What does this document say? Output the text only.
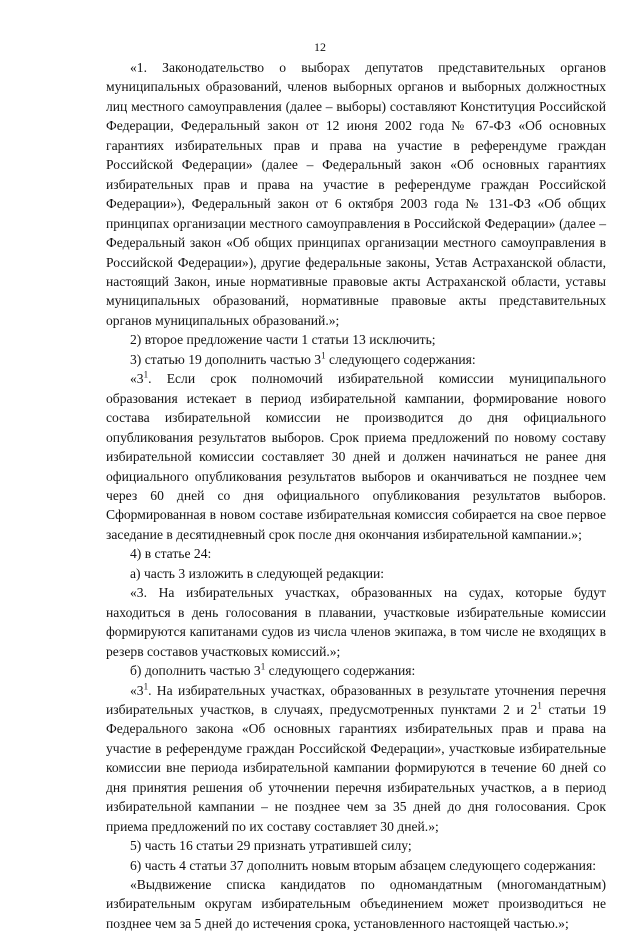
12

«1. Законодательство о выборах депутатов представительных органов муниципальных образований, членов выборных органов и выборных должностных лиц местного самоуправления (далее – выборы) составляют Конституция Российской Федерации, Федеральный закон от 12 июня 2002 года № 67-ФЗ «Об основных гарантиях избирательных прав и права на участие в референдуме граждан Российской Федерации» (далее – Федеральный закон «Об основных гарантиях избирательных прав и права на участие в референдуме граждан Российской Федерации»), Федеральный закон от 6 октября 2003 года № 131-ФЗ «Об общих принципах организации местного самоуправления в Российской Федерации» (далее – Федеральный закон «Об общих принципах организации местного самоуправления в Российской Федерации»), другие федеральные законы, Устав Астраханской области, настоящий Закон, иные нормативные правовые акты Астраханской области, уставы муниципальных образований, нормативные правовые акты представительных органов муниципальных образований.»;

2) второе предложение части 1 статьи 13 исключить;

3) статью 19 дополнить частью $3^1$ следующего содержания:

«$3^1$. Если срок полномочий избирательной комиссии муниципального образования истекает в период избирательной кампании, формирование нового состава избирательной комиссии не производится до дня официального опубликования результатов выборов. Срок приема предложений по новому составу избирательной комиссии составляет 30 дней и должен начинаться не ранее дня официального опубликования результатов выборов и оканчиваться не позднее чем через 60 дней со дня официального опубликования результатов выборов. Сформированная в новом составе избирательная комиссия собирается на свое первое заседание в десятидневный срок после дня окончания избирательной кампании.»;

4) в статье 24:

а) часть 3 изложить в следующей редакции:

«3. На избирательных участках, образованных на судах, которые будут находиться в день голосования в плавании, участковые избирательные комиссии формируются капитанами судов из числа членов экипажа, в том числе не входящих в резерв составов участковых комиссий.»;

б) дополнить частью $3^1$ следующего содержания:

«$3^1$. На избирательных участках, образованных в результате уточнения перечня избирательных участков, в случаях, предусмотренных пунктами 2 и $2^1$ статьи 19 Федерального закона «Об основных гарантиях избирательных прав и права на участие в референдуме граждан Российской Федерации», участковые избирательные комиссии вне периода избирательной кампании формируются в течение 60 дней со дня принятия решения об уточнении перечня избирательных участков, а в период избирательной кампании – не позднее чем за 35 дней до дня голосования. Срок приема предложений по их составу составляет 30 дней.»;

5) часть 16 статьи 29 признать утратившей силу;

6) часть 4 статьи 37 дополнить новым вторым абзацем следующего содержания:

«Выдвижение списка кандидатов по одномандатным (многомандатным) избирательным округам избирательным объединением может производиться не позднее чем за 5 дней до истечения срока, установленного настоящей частью.»;
